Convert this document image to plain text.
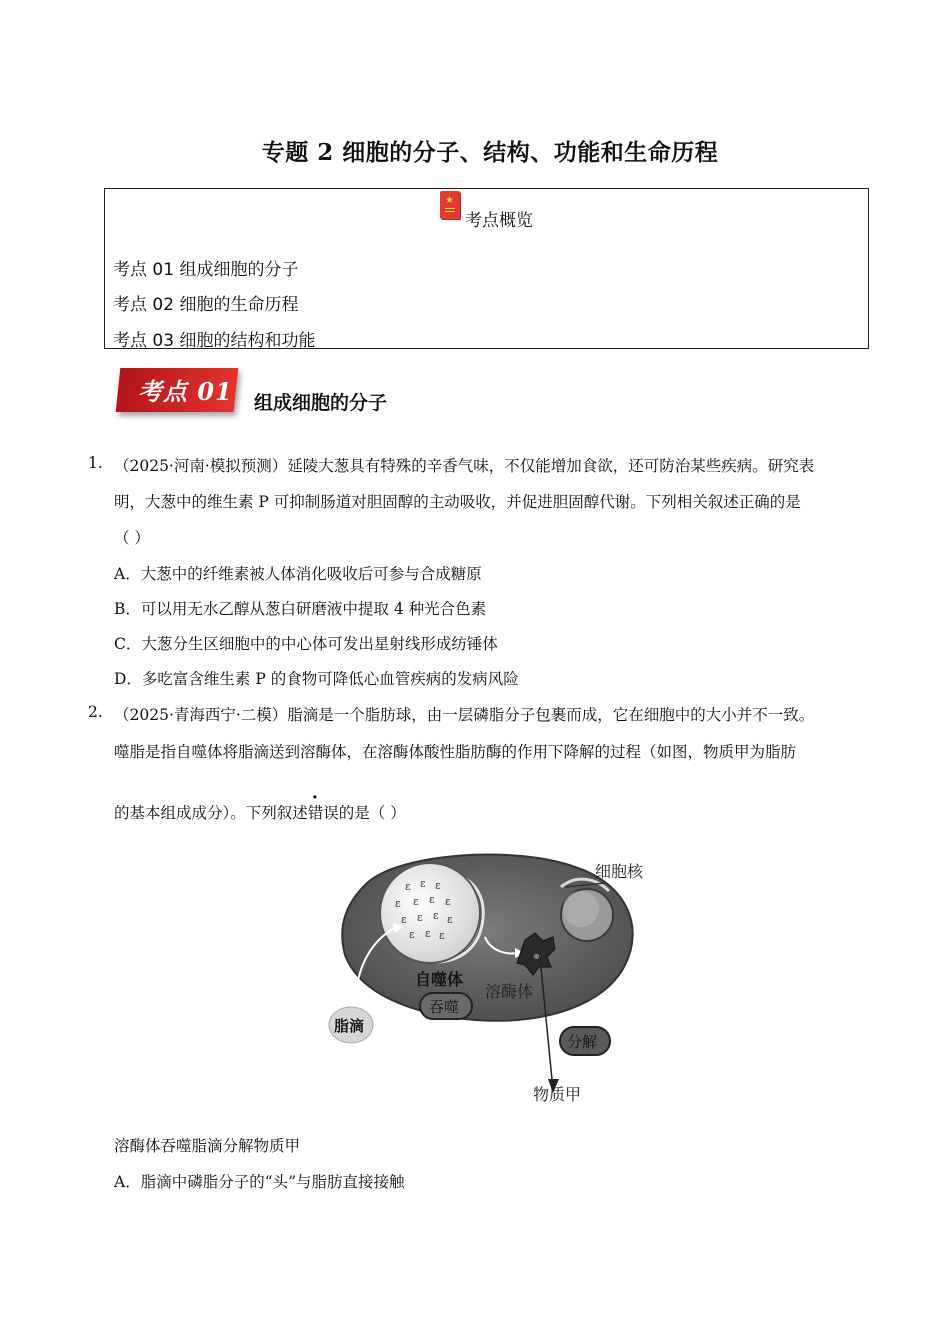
专题 2 细胞的分子、结构、功能和生命历程
★
考点概览
考点 01 组成细胞的分子
考点 02 细胞的生命历程
考点 03 细胞的结构和功能
考点 01 组成细胞的分子
1. （2025·河南·模拟预测）延陵大葱具有特殊的辛香气味，不仅能增加食欲，还可防治某些疾病。研究表
明，大葱中的维生素 P 可抑制肠道对胆固醇的主动吸收，并促进胆固醇代谢。下列相关叙述正确的是
（ ）
A．大葱中的纤维素被人体消化吸收后可参与合成糖原
B．可以用无水乙醇从葱白研磨液中提取 4 种光合色素
C．大葱分生区细胞中的中心体可发出星射线形成纺锤体
D．多吃富含维生素 P 的食物可降低心血管疾病的发病风险
2. （2025·青海西宁·二模）脂滴是一个脂肪球，由一层磷脂分子包裹而成，它在细胞中的大小并不一致。
噬脂是指自噬体将脂滴送到溶酶体，在溶酶体酸性脂肪酶的作用下降解的过程（如图，物质甲为脂肪
的基本组成成分）。下列叙述错误的是（ ）
ε ε ε
ε ε ε ε
ε ε ε ε
ε ε ε
⊛
细胞核
自噬体
吞噬
溶酶体
脂滴
分解
物质甲
溶酶体吞噬脂滴分解物质甲
A．脂滴中磷脂分子的“头”与脂肪直接接触
